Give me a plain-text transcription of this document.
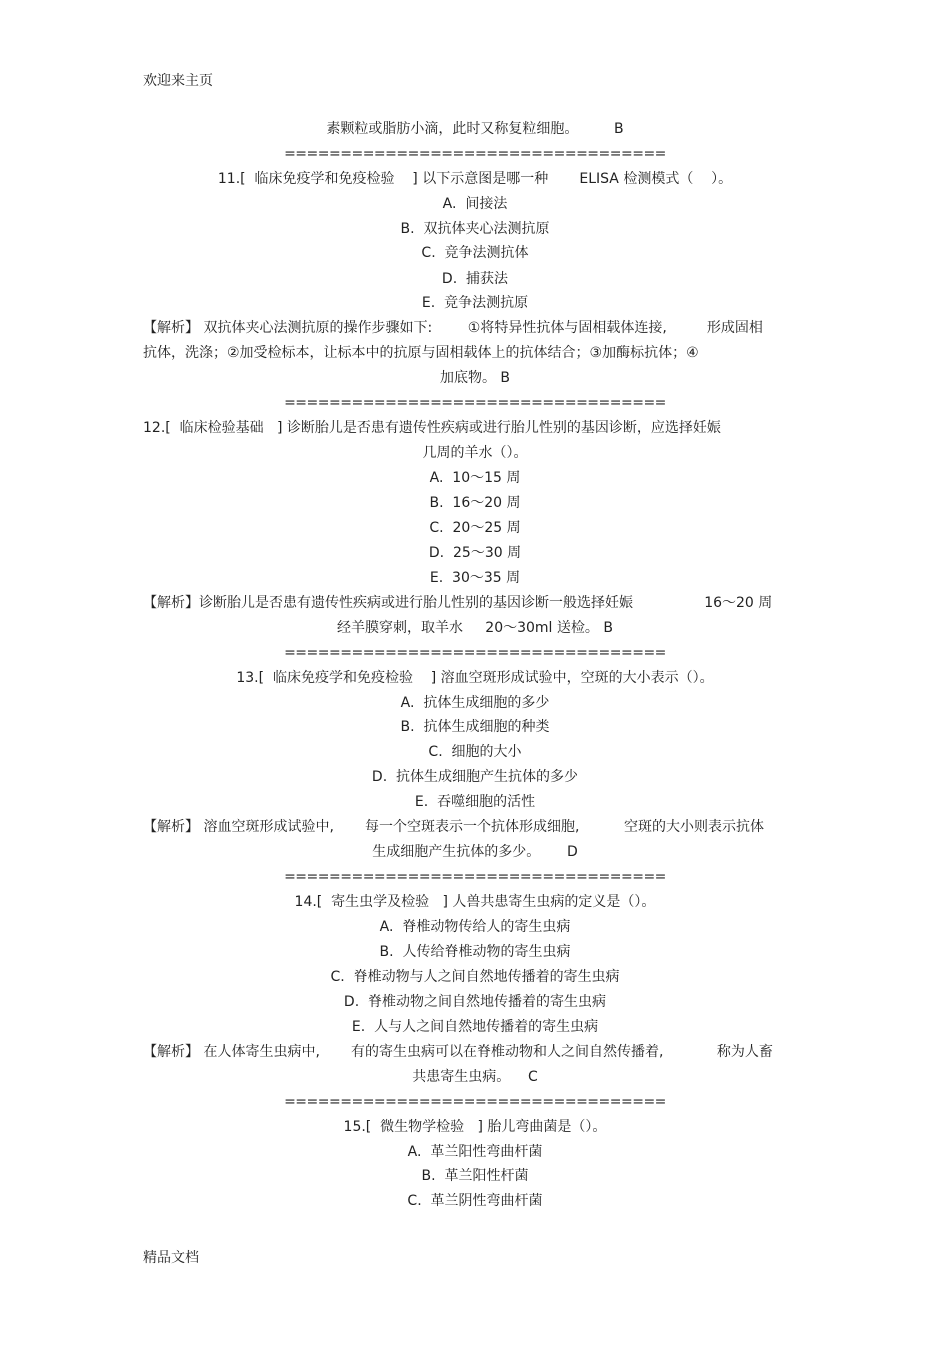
欢迎来主页
素颗粒或脂肪小滴，此时又称复粒细胞。        B
==================================
11.[  临床免疫学和免疫检验    ] 以下示意图是哪一种       ELISA 检测模式（    ）。
A.  间接法
B.  双抗体夹心法测抗原
C.  竞争法测抗体
D.  捕获法
E.  竞争法测抗原
【解析】 双抗体夹心法测抗原的操作步骤如下:        ①将特异性抗体与固相载体连接,         形成固相
抗体，洗涤；②加受检标本，让标本中的抗原与固相载体上的抗体结合；③加酶标抗体；④
加底物。 B
==================================
12.[  临床检验基础   ] 诊断胎儿是否患有遗传性疾病或进行胎儿性别的基因诊断，应选择妊娠
几周的羊水（）。
A.  10～15 周
B.  16～20 周
C.  20～25 周
D.  25～30 周
E.  30～35 周
【解析】诊断胎儿是否患有遗传性疾病或进行胎儿性别的基因诊断一般选择妊娠                16～20 周
经羊膜穿刺，取羊水     20～30ml 送检。 B
==================================
13.[  临床免疫学和免疫检验    ] 溶血空斑形成试验中，空斑的大小表示（）。
A.  抗体生成细胞的多少
B.  抗体生成细胞的种类
C.  细胞的大小
D.  抗体生成细胞产生抗体的多少
E.  吞噬细胞的活性
【解析】 溶血空斑形成试验中,       每一个空斑表示一个抗体形成细胞,          空斑的大小则表示抗体
生成细胞产生抗体的多少。      D
==================================
14.[  寄生虫学及检验   ] 人兽共患寄生虫病的定义是（）。
A.  脊椎动物传给人的寄生虫病
B.  人传给脊椎动物的寄生虫病
C.  脊椎动物与人之间自然地传播着的寄生虫病
D.  脊椎动物之间自然地传播着的寄生虫病
E.  人与人之间自然地传播着的寄生虫病
【解析】 在人体寄生虫病中,       有的寄生虫病可以在脊椎动物和人之间自然传播着,            称为人畜
共患寄生虫病。    C
==================================
15.[  微生物学检验   ] 胎儿弯曲菌是（）。
A.  革兰阳性弯曲杆菌
B.  革兰阳性杆菌
C.  革兰阴性弯曲杆菌
精品文档
